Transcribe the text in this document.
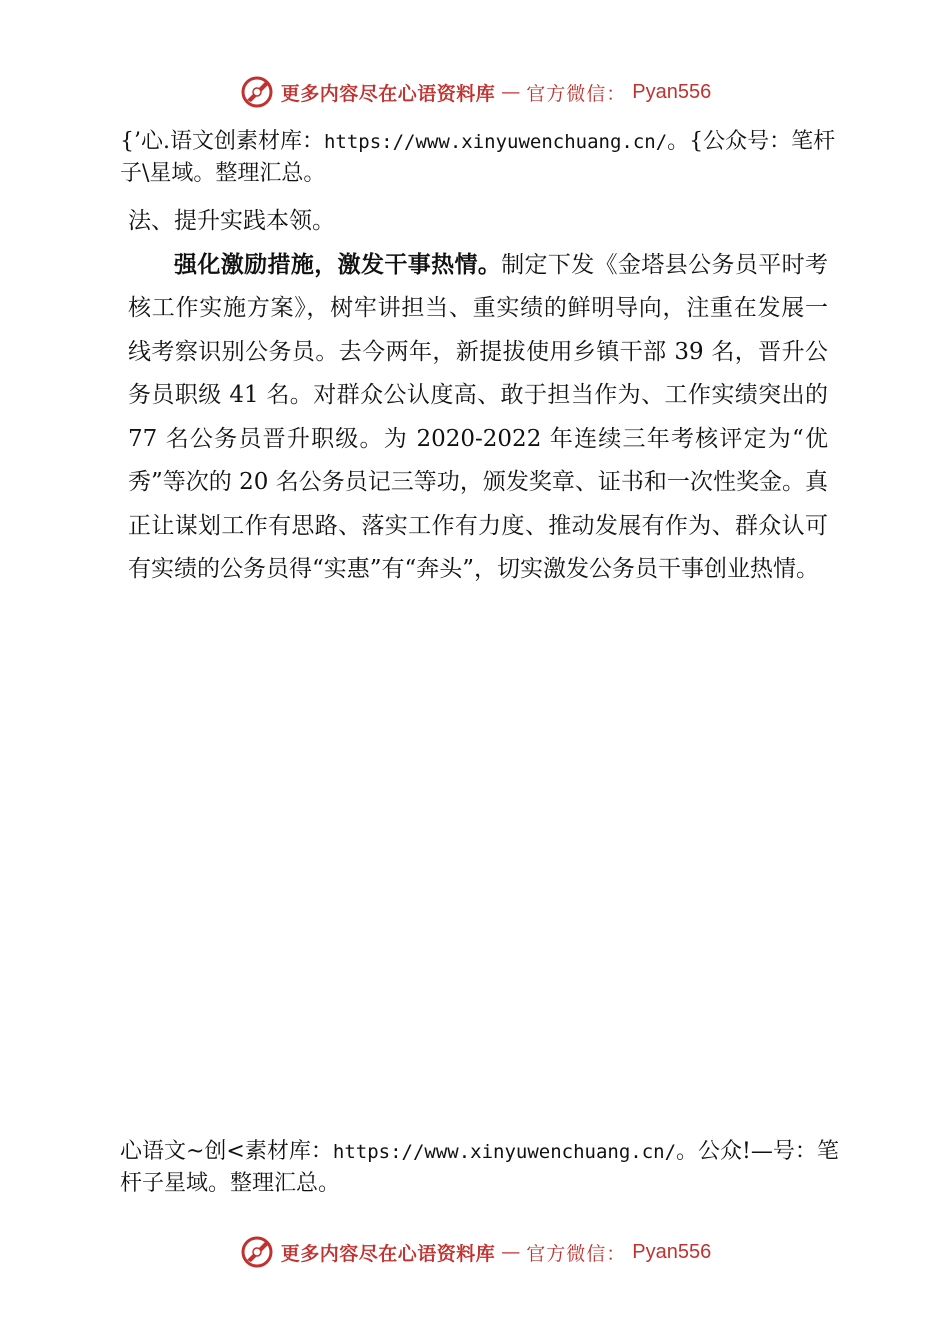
更多内容尽在心语资料库 — 官方微信： Pyan556
{’心.语文创素材库：https://www.xinyuwenchuang.cn/。{公众号：笔杆子\星域。整理汇总。

法、提升实践本领。

强化激励措施，激发干事热情。制定下发《金塔县公务员平时考核工作实施方案》，树牢讲担当、重实绩的鲜明导向，注重在发展一线考察识别公务员。去今两年，新提拔使用乡镇干部 39 名，晋升公务员职级 41 名。对群众公认度高、敢于担当作为、工作实绩突出的 77 名公务员晋升职级。为 2020-2022 年连续三年考核评定为“优秀”等次的 20 名公务员记三等功，颁发奖章、证书和一次性奖金。真正让谋划工作有思路、落实工作有力度、推动发展有作为、群众认可有实绩的公务员得“实惠”有“奔头”，切实激发公务员干事创业热情。

心语文~创<素材库：https://www.xinyuwenchuang.cn/。公众!—号：笔杆子星域。整理汇总。
更多内容尽在心语资料库 — 官方微信： Pyan556
